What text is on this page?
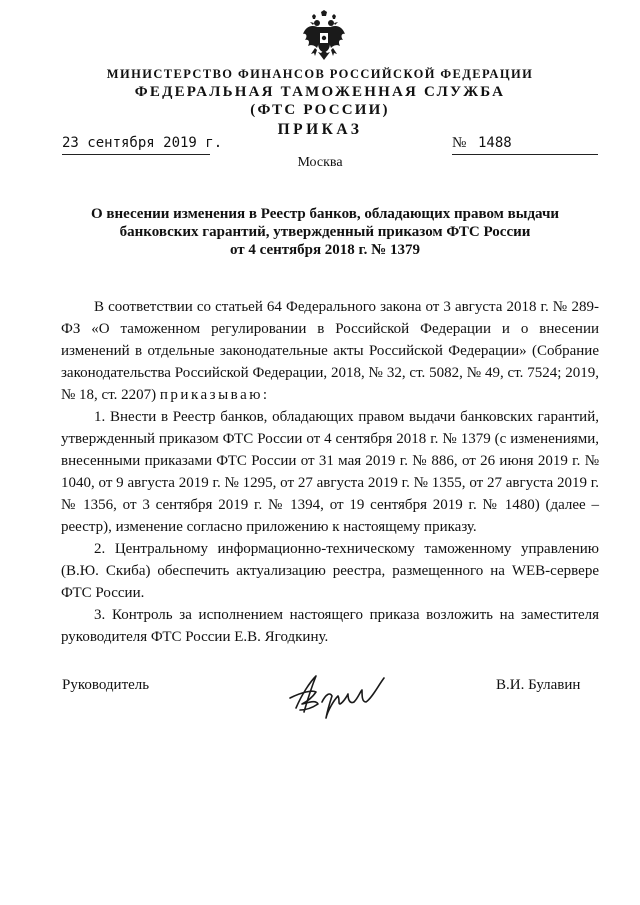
МИНИСТЕРСТВО ФИНАНСОВ РОССИЙСКОЙ ФЕДЕРАЦИИ
ФЕДЕРАЛЬНАЯ ТАМОЖЕННАЯ СЛУЖБА
(ФТС РОССИИ)
ПРИКАЗ
23 сентября 2019 г.	№ 1488
Москва
О внесении изменения в Реестр банков, обладающих правом выдачи
банковских гарантий, утвержденный приказом ФТС России
от 4 сентября 2018 г. № 1379

В соответствии со статьей 64 Федерального закона от 3 августа 2018 г. № 289-ФЗ «О таможенном регулировании в Российской Федерации и о внесении изменений в отдельные законодательные акты Российской Федерации» (Собрание законодательства Российской Федерации, 2018, № 32, ст. 5082, № 49, ст. 7524; 2019, № 18, ст. 2207) приказываю:

1. Внести в Реестр банков, обладающих правом выдачи банковских гарантий, утвержденный приказом ФТС России от 4 сентября 2018 г. № 1379 (с изменениями, внесенными приказами ФТС России от 31 мая 2019 г. № 886, от 26 июня 2019 г. № 1040, от 9 августа 2019 г. № 1295, от 27 августа 2019 г. № 1355, от 27 августа 2019 г. № 1356, от 3 сентября 2019 г. № 1394, от 19 сентября 2019 г. № 1480) (далее – реестр), изменение согласно приложению к настоящему приказу.

2. Центральному информационно-техническому таможенному управлению (В.Ю. Скиба) обеспечить актуализацию реестра, размещенного на WEB-сервере ФТС России.

3. Контроль за исполнением настоящего приказа возложить на заместителя руководителя ФТС России Е.В. Ягодкину.

Руководитель	В.И. Булавин
